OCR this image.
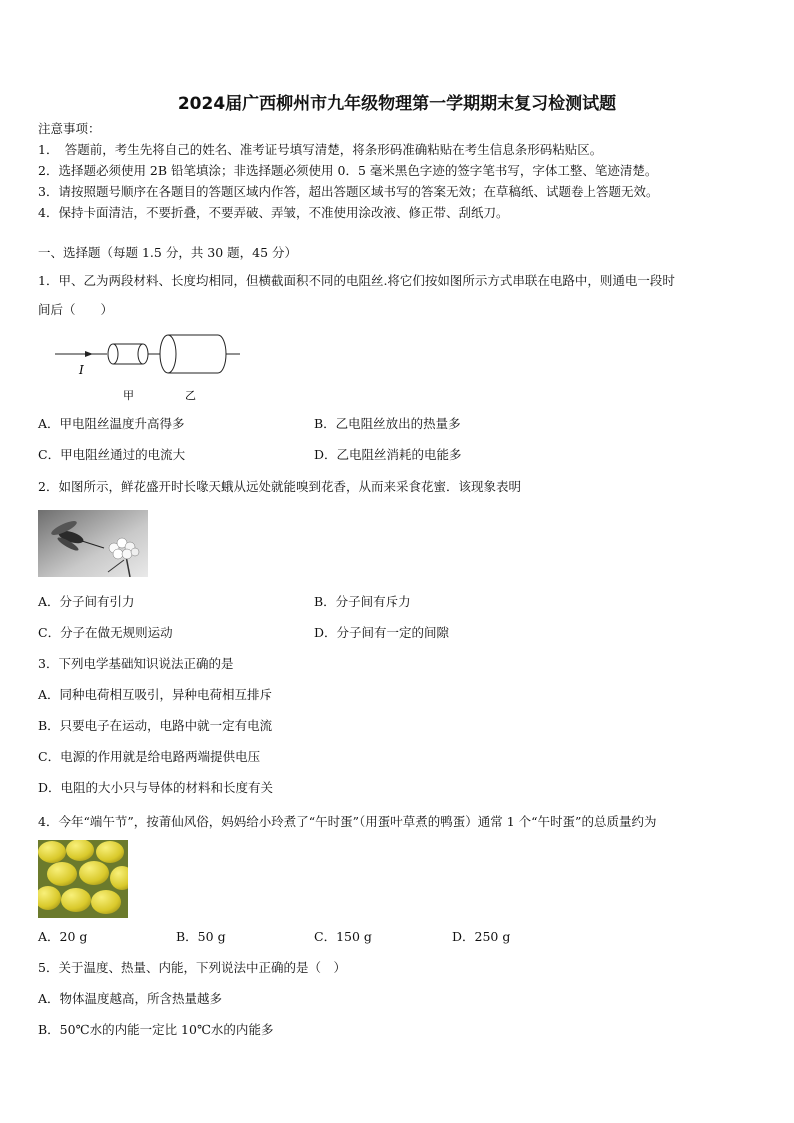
2024届广西柳州市九年级物理第一学期期末复习检测试题
注意事项：
1．　答题前，考生先将自己的姓名、准考证号填写清楚，将条形码准确粘贴在考生信息条形码粘贴区。
2．选择题必须使用 2B 铅笔填涂；非选择题必须使用 0．5 毫米黑色字迹的签字笔书写，字体工整、笔迹清楚。
3．请按照题号顺序在各题目的答题区域内作答，超出答题区域书写的答案无效；在草稿纸、试题卷上答题无效。
4．保持卡面清洁，不要折叠，不要弄破、弄皱，不准使用涂改液、修正带、刮纸刀。
一、选择题（每题 1.5 分，共 30 题，45 分）
1．甲、乙为两段材料、长度均相同，但横截面积不同的电阻丝.将它们按如图所示方式串联在电路中，则通电一段时
间后（　　）
I
甲	乙
A．甲电阻丝温度升高得多	B．乙电阻丝放出的热量多
C．甲电阻丝通过的电流大	D．乙电阻丝消耗的电能多
2．如图所示，鲜花盛开时长喙天蛾从远处就能嗅到花香，从而来采食花蜜．该现象表明
A．分子间有引力	B．分子间有斥力
C．分子在做无规则运动	D．分子间有一定的间隙
3．下列电学基础知识说法正确的是
A．同种电荷相互吸引，异种电荷相互排斥
B．只要电子在运动，电路中就一定有电流
C．电源的作用就是给电路两端提供电压
D．电阻的大小只与导体的材料和长度有关
4．今年“端午节”，按莆仙风俗，妈妈给小玲煮了“午时蛋”（用蛋叶草煮的鸭蛋）通常 1 个“午时蛋”的总质量约为
A．20 g	B．50 g	C．150 g	D．250 g
5．关于温度、热量、内能，下列说法中正确的是（　）
A．物体温度越高，所含热量越多
B．50℃水的内能一定比 10℃水的内能多
